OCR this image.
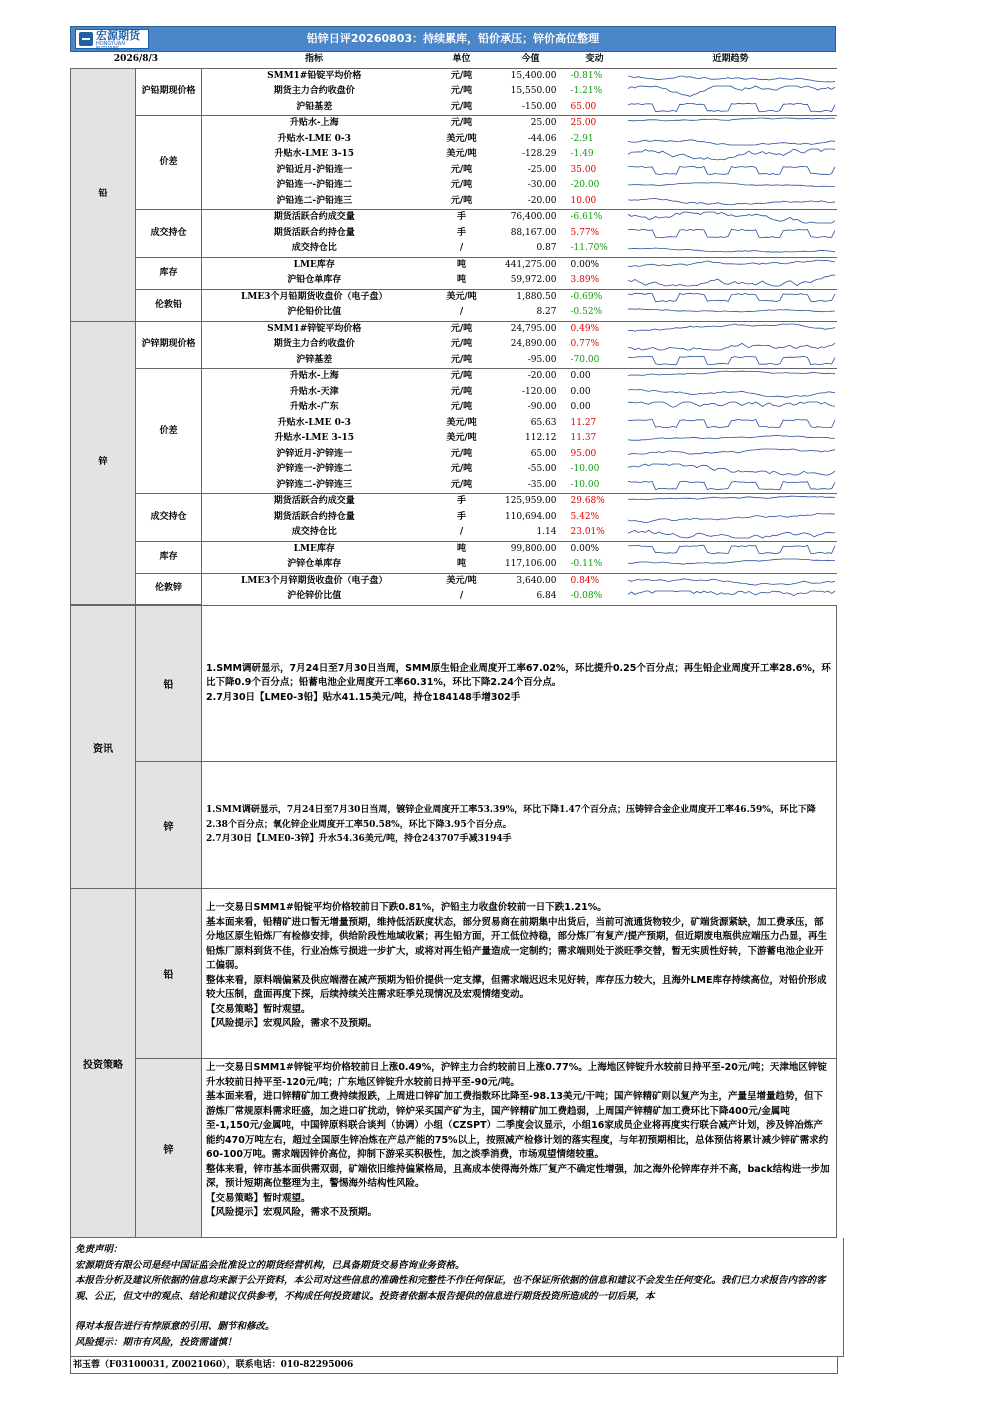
宏源期货
HONGYUAN FUTURES
铅锌日评20260803：持续累库，铅价承压；锌价高位整理
2026/8/3		指标	单位	今值	变动	近期趋势
铅	沪铅期现价格	SMM1#铅锭平均价格	元/吨	15,400.00	-0.81%	

		期货主力合约收盘价	元/吨	15,550.00	-1.21%	

		沪铅基差	元/吨	-150.00	65.00	

	价差	升贴水-上海	元/吨	25.00	25.00	

		升贴水-LME 0-3	美元/吨	-44.06	-2.91	

		升贴水-LME 3-15	美元/吨	-128.29	-1.49	

		沪铅近月-沪铅连一	元/吨	-25.00	35.00	

		沪铅连一-沪铅连二	元/吨	-30.00	-20.00	

		沪铅连二-沪铅连三	元/吨	-20.00	10.00	

	成交持仓	期货活跃合约成交量	手	76,400.00	-6.61%	

		期货活跃合约持仓量	手	88,167.00	5.77%	

		成交持仓比	/	0.87	-11.70%	

	库存	LME库存	吨	441,275.00	0.00%	

		沪铅仓单库存	吨	59,972.00	3.89%	

	伦敦铅	LME3个月铅期货收盘价（电子盘）	美元/吨	1,880.50	-0.69%	

		沪伦铅价比值	/	8.27	-0.52%	

锌	沪锌期现价格	SMM1#锌锭平均价格	元/吨	24,795.00	0.49%	

		期货主力合约收盘价	元/吨	24,890.00	0.77%	

		沪锌基差	元/吨	-95.00	-70.00	

	价差	升贴水-上海	元/吨	-20.00	0.00	

		升贴水-天津	元/吨	-120.00	0.00	

		升贴水-广东	元/吨	-90.00	0.00	

		升贴水-LME 0-3	美元/吨	65.63	11.27	

		升贴水-LME 3-15	美元/吨	112.12	11.37	

		沪锌近月-沪锌连一	元/吨	65.00	95.00	

		沪锌连一-沪锌连二	元/吨	-55.00	-10.00	

		沪锌连二-沪锌连三	元/吨	-35.00	-10.00	

	成交持仓	期货活跃合约成交量	手	125,959.00	29.68%	

		期货活跃合约持仓量	手	110,694.00	5.42%	

		成交持仓比	/	1.14	23.01%	

	库存	LME库存	吨	99,800.00	0.00%	

		沪锌仓单库存	吨	117,106.00	-0.11%	

	伦敦锌	LME3个月锌期货收盘价（电子盘）	美元/吨	3,640.00	0.84%	

		沪伦锌价比值	/	6.84	-0.08%	
资讯	铅	1.SMM调研显示，7月24日至7月30日当周，SMM原生铅企业周度开工率67.02%，环比提升0.25个百分点；再生铅企业周度开工率28.6%，环比下降0.9个百分点；铅蓄电池企业周度开工率60.31%，环比下降2.24个百分点。

2.7月30日【LME0-3铅】贴水41.15美元/吨，持仓184148手增302手

	锌	1.SMM调研显示，7月24日至7月30日当周，镀锌企业周度开工率53.39%，环比下降1.47个百分点；压铸锌合金企业周度开工率46.59%，环比下降2.38个百分点；氧化锌企业周度开工率50.58%，环比下降3.95个百分点。

2.7月30日【LME0-3锌】升水54.36美元/吨，持仓243707手减3194手

投资策略	铅	上一交易日SMM1#铅锭平均价格较前日下跌0.81%，沪铅主力收盘价较前一日下跌1.21%。

基本面来看，铅精矿进口暂无增量预期，维持低活跃度状态，部分贸易商在前期集中出货后，当前可流通货物较少，矿端货源紧缺，加工费承压，部分地区原生铅炼厂有检修安排，供给阶段性地域收紧；再生铅方面，开工低位持稳，部分炼厂有复产/提产预期，但近期废电瓶供应端压力凸显，再生铅炼厂原料到货不佳，行业冶炼亏损进一步扩大，或将对再生铅产量造成一定制约；需求端则处于淡旺季交替，暂无实质性好转，下游蓄电池企业开工偏弱。

整体来看，原料端偏紧及供应端潜在减产预期为铅价提供一定支撑，但需求端迟迟未见好转，库存压力较大，且海外LME库存持续高位，对铅价形成较大压制，盘面再度下探，后续持续关注需求旺季兑现情况及宏观情绪变动。

【交易策略】暂时观望。

【风险提示】宏观风险，需求不及预期。

	锌	上一交易日SMM1#锌锭平均价格较前日上涨0.49%，沪锌主力合约较前日上涨0.77%。上海地区锌锭升水较前日持平至-20元/吨；天津地区锌锭升水较前日持平至-120元/吨；广东地区锌锭升水较前日持平至-90元/吨。

基本面来看，进口锌精矿加工费持续报跌，上周进口锌矿加工费指数环比降至-98.13美元/干吨；国产锌精矿则以复产为主，产量呈增量趋势，但下游炼厂常规原料需求旺盛，加之进口矿扰动，锌炉采买国产矿为主，国产锌精矿加工费趋弱，上周国产锌精矿加工费环比下降400元/金属吨至-1,150元/金属吨，中国锌原料联合谈判（协调）小组（CZSPT）二季度会议显示，小组16家成员企业将再度实行联合减产计划，涉及锌冶炼产能约470万吨左右，超过全国原生锌冶炼在产总产能的75%以上，按照减产检修计划的落实程度，与年初预期相比，总体预估将累计减少锌矿需求约60-100万吨。需求端因锌价高位，抑制下游采买积极性，加之淡季消费，市场观望情绪较重。

整体来看，锌市基本面供需双弱，矿端依旧维持偏紧格局，且高成本使得海外炼厂复产不确定性增强，加之海外伦锌库存并不高，back结构进一步加深，预计短期高位整理为主，警惕海外结构性风险。

【交易策略】暂时观望。

【风险提示】宏观风险，需求不及预期。

免责声明：

宏源期货有限公司是经中国证监会批准设立的期货经营机构，已具备期货交易咨询业务资格。

本报告分析及建议所依据的信息均来源于公开资料，本公司对这些信息的准确性和完整性不作任何保证，也不保证所依据的信息和建议不会发生任何变化。我们已力求报告内容的客观、公正，但文中的观点、结论和建议仅供参考，不构成任何投资建议。投资者依据本报告提供的信息进行期货投资所造成的一切后果，本

得对本报告进行有悖原意的引用、删节和修改。

风险提示：期市有风险，投资需谨慎！

祁玉蓉（F03100031, Z0021060），联系电话：010-82295006
